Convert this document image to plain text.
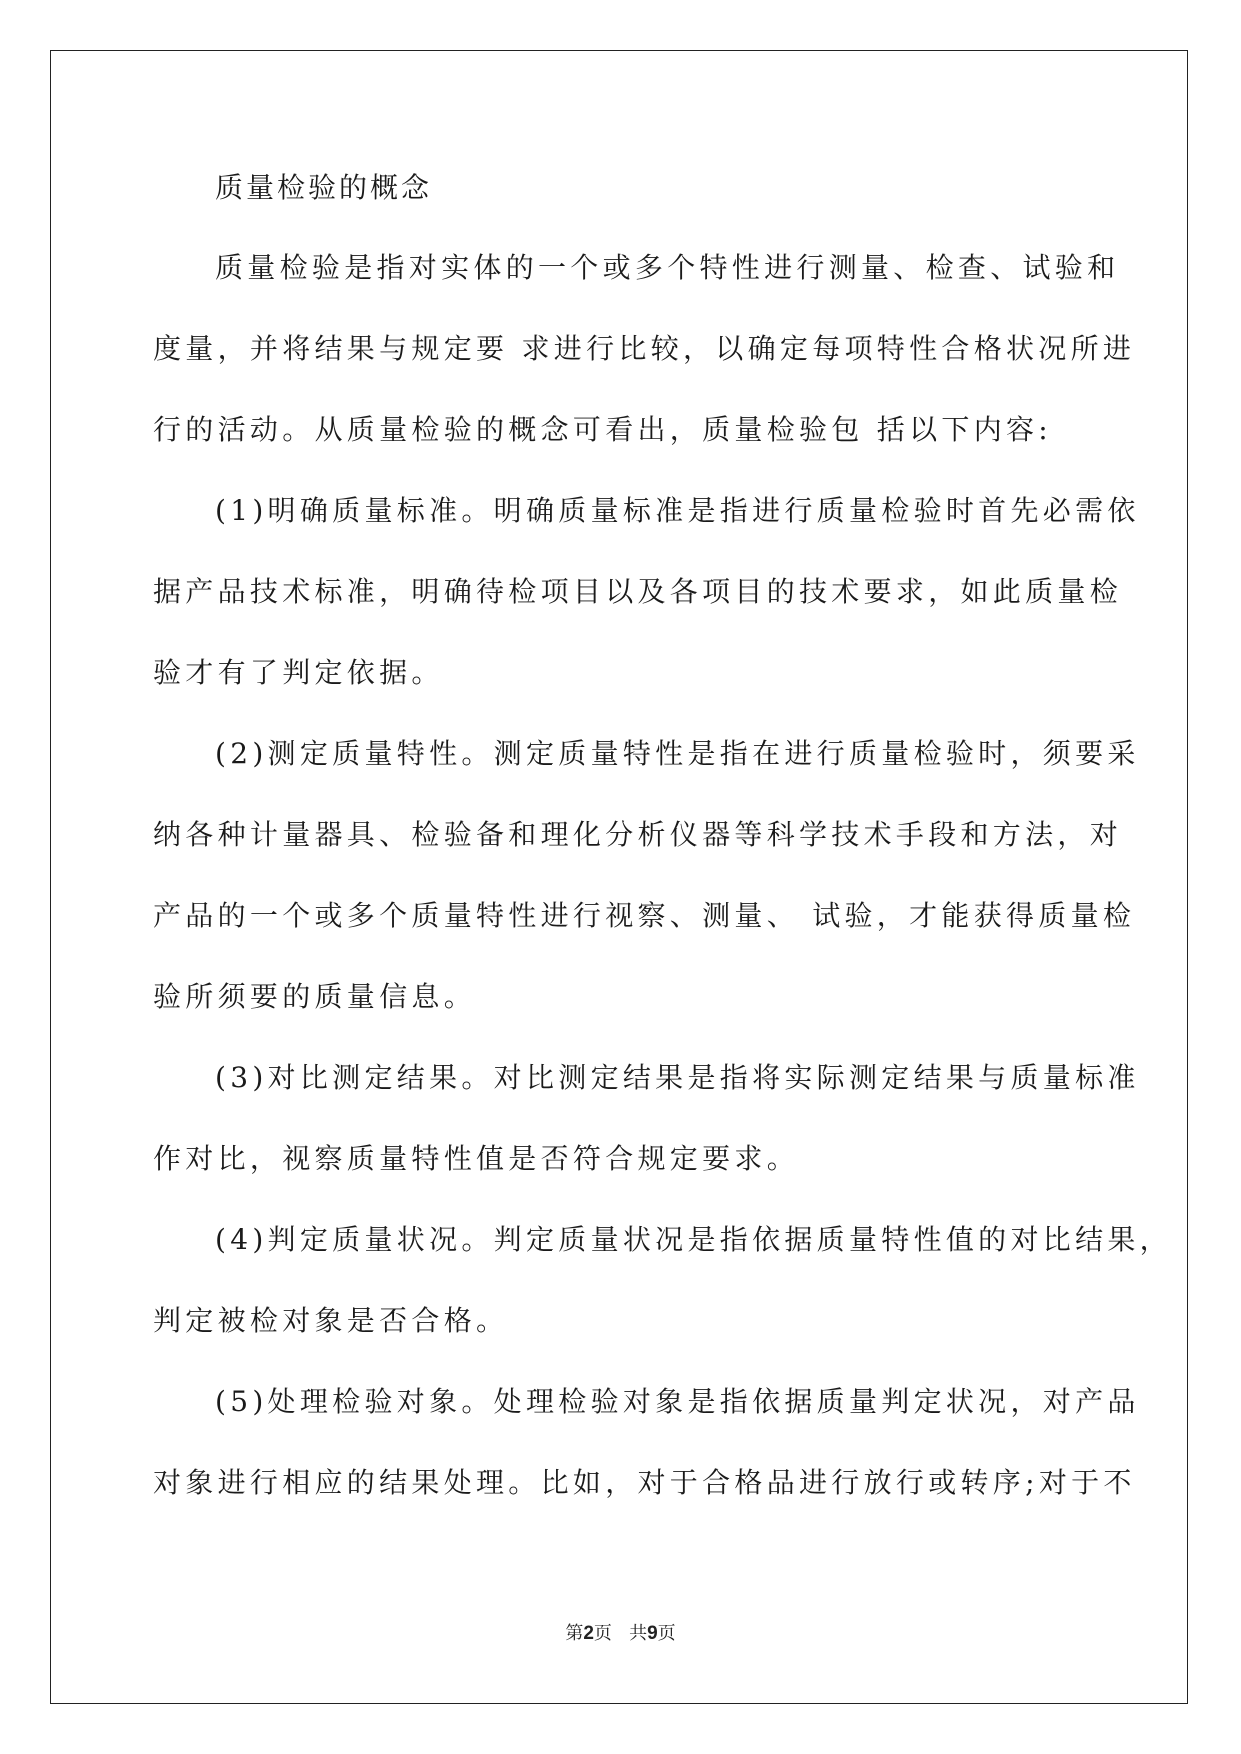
质量检验的概念
质量检验是指对实体的一个或多个特性进行测量、检查、试验和
度量，并将结果与规定要 求进行比较，以确定每项特性合格状况所进
行的活动。从质量检验的概念可看出，质量检验包 括以下内容:
(1)明确质量标准。明确质量标准是指进行质量检验时首先必需依
据产品技术标准，明确待检项目以及各项目的技术要求，如此质量检
验才有了判定依据。
(2)测定质量特性。测定质量特性是指在进行质量检验时，须要采
纳各种计量器具、检验备和理化分析仪器等科学技术手段和方法，对
产品的一个或多个质量特性进行视察、测量、 试验，才能获得质量检
验所须要的质量信息。
(3)对比测定结果。对比测定结果是指将实际测定结果与质量标准
作对比，视察质量特性值是否符合规定要求。
(4)判定质量状况。判定质量状况是指依据质量特性值的对比结果，
判定被检对象是否合格。
(5)处理检验对象。处理检验对象是指依据质量判定状况，对产品
对象进行相应的结果处理。比如，对于合格品进行放行或转序;对于不
第2页 共9页
